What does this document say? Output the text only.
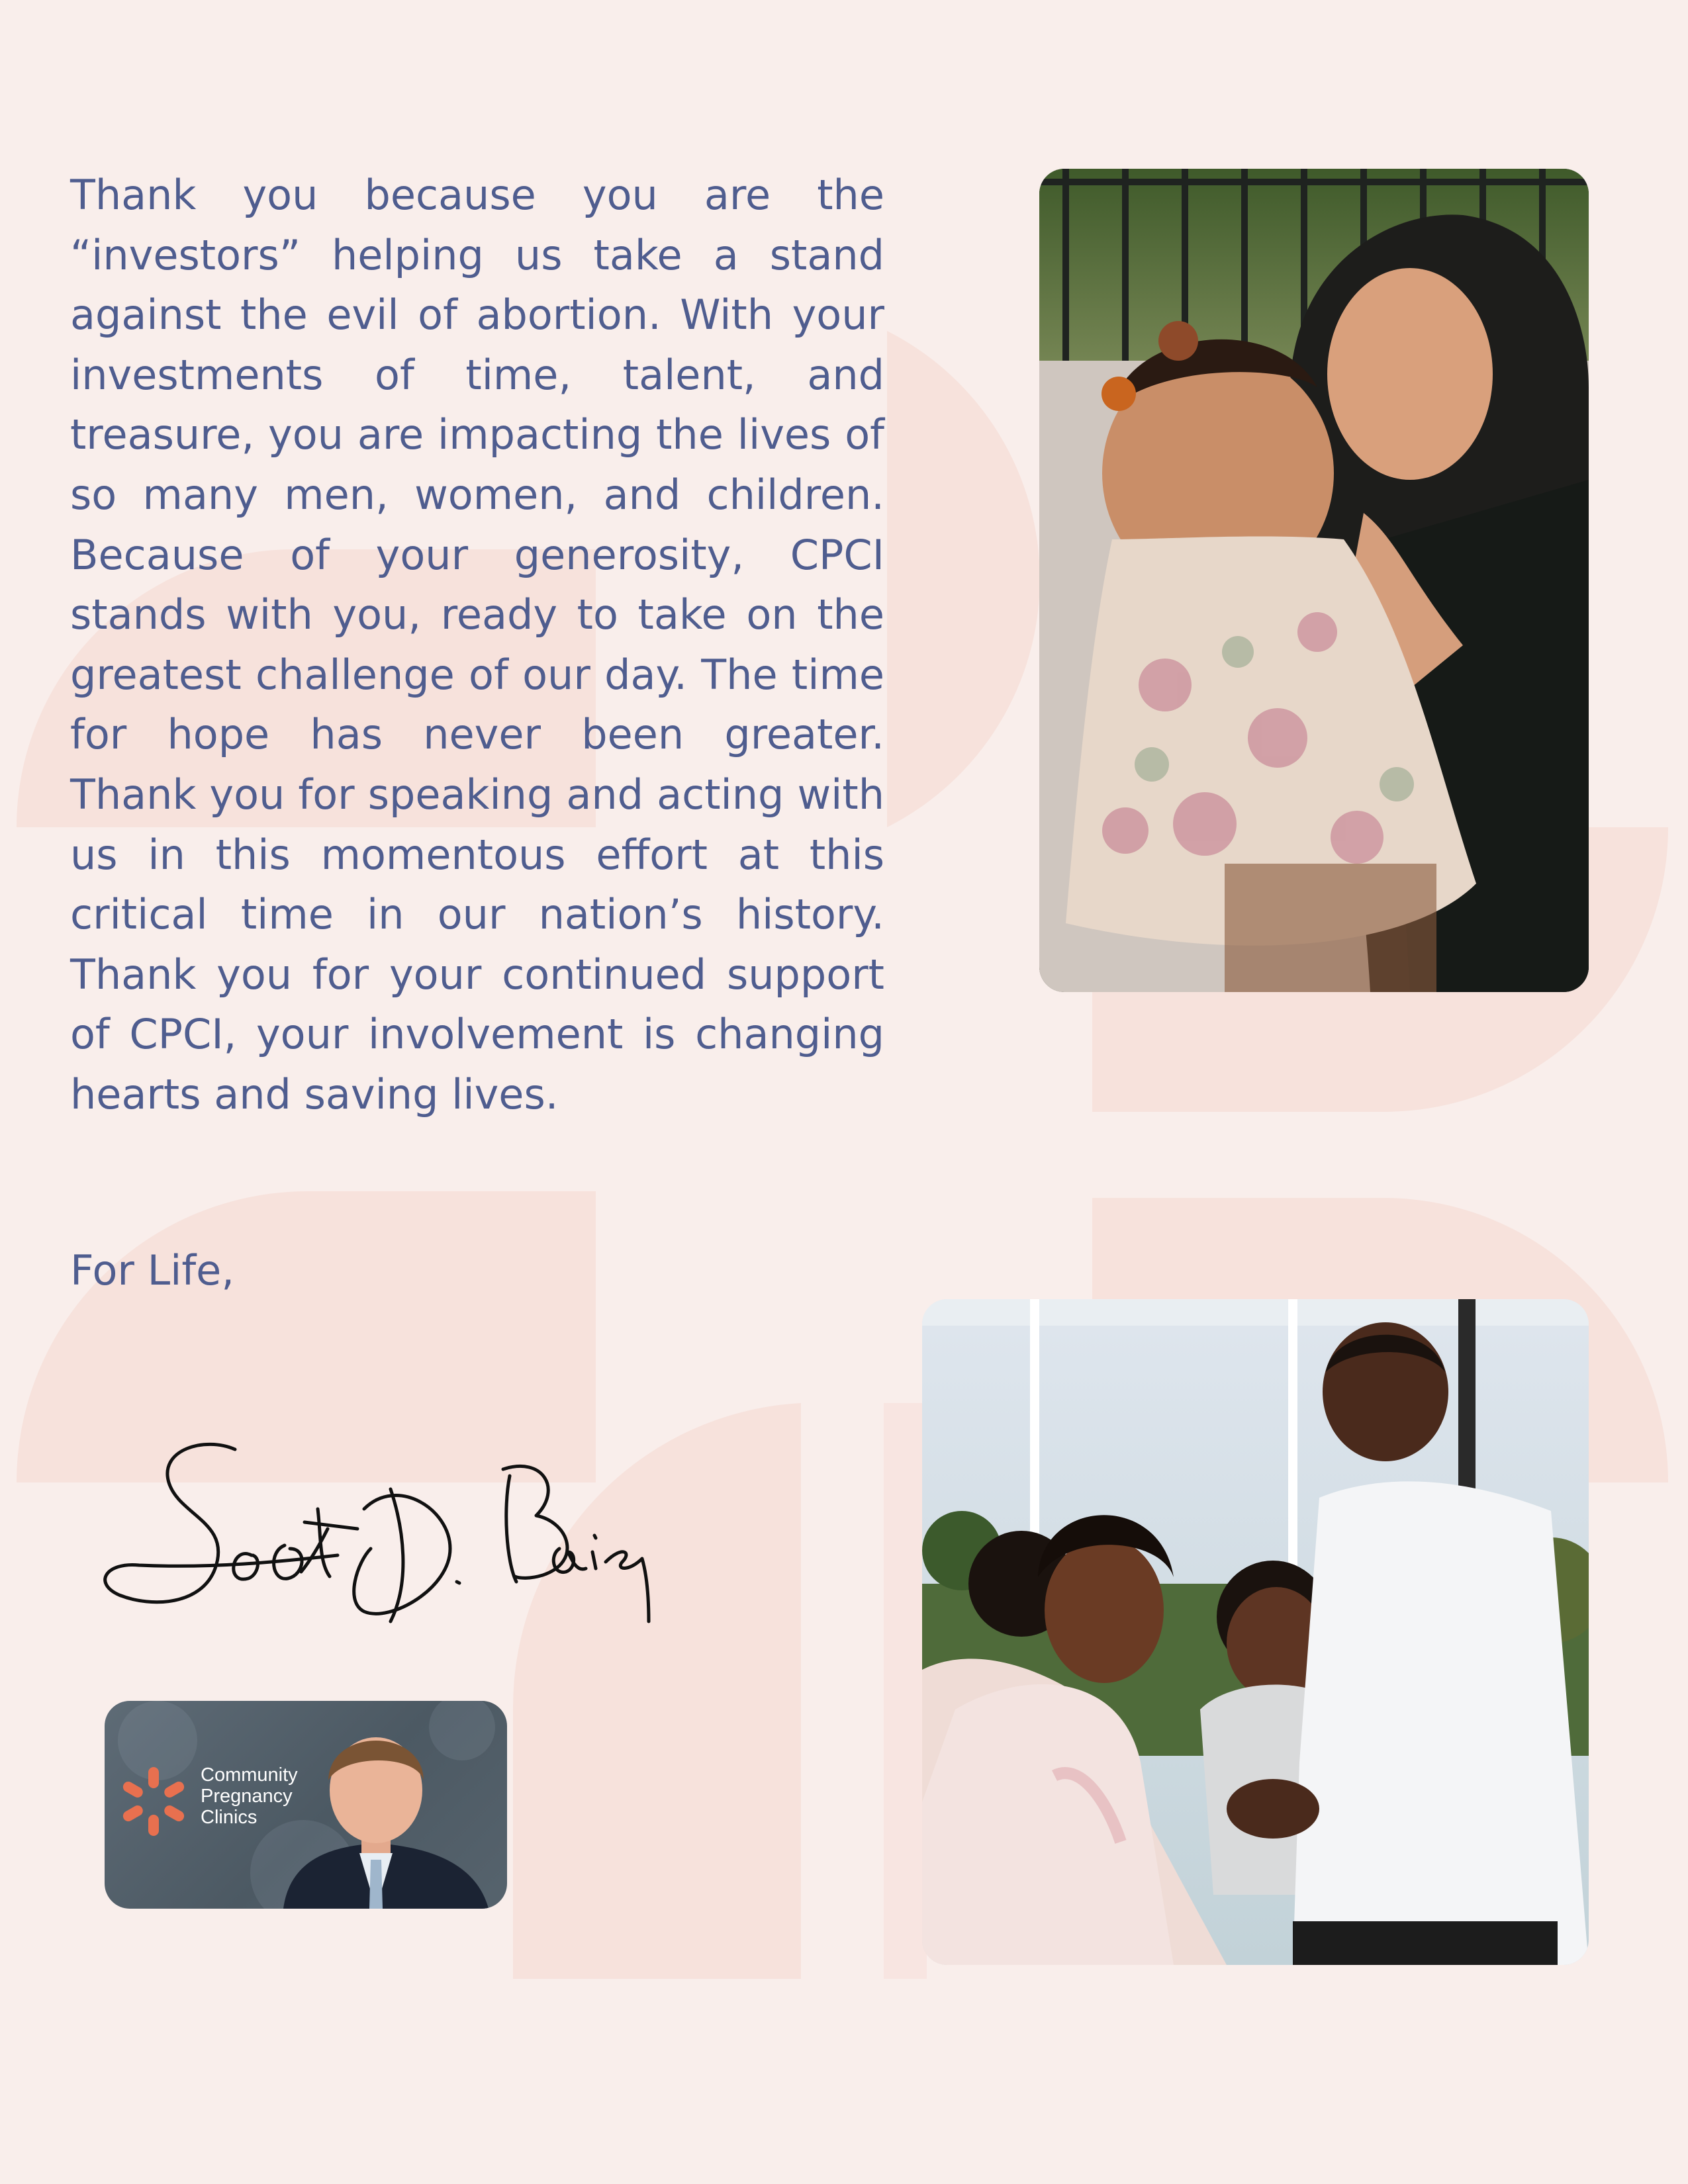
Thank you because you are the “investors” helping us take a stand against the evil of abortion. With your investments of time, talent, and treasure, you are impacting the lives of so many men, women, and children. Because of your generosity, CPCI stands with you, ready to take on the greatest challenge of our day. The time for hope has never been greater. Thank you for speaking and acting with us in this momentous effort at this critical time in our nation’s history. Thank you for your continued support of CPCI, your involvement is changing hearts and saving lives.

For Life,

Community
Pregnancy
Clinics
